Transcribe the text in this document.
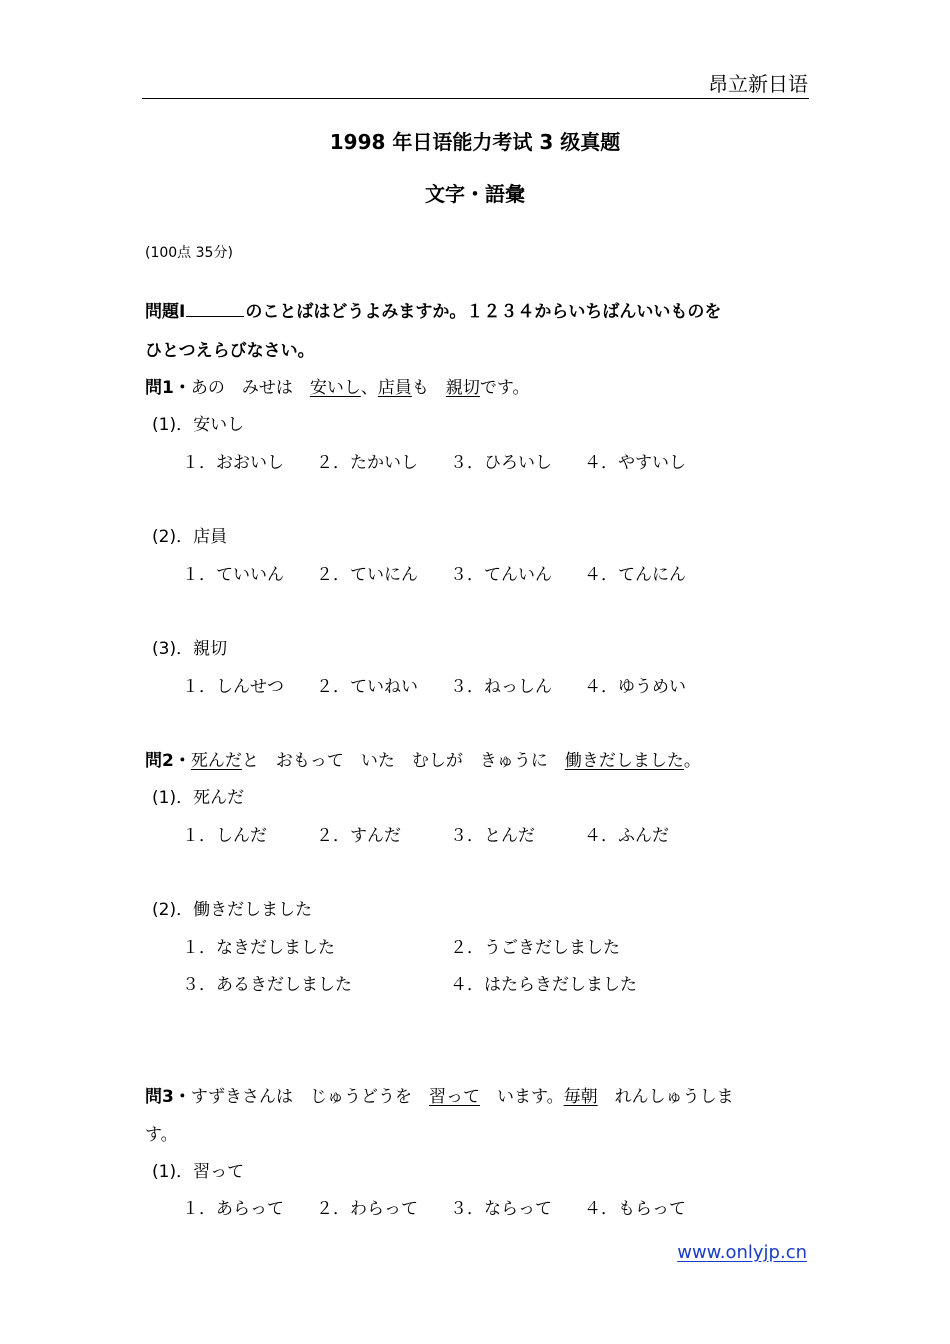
昂立新日语
1998 年日语能力考试 3 级真题
文字・語彙
(100点 35分)
問題Ⅰ	のことばはどうよみますか。１２３４からいちばんいいものを
ひとつえらびなさい。
問1・あの　みせは　安いし、店員も　親切です。
(1)．安いし
１．おおいし ２．たかいし ３．ひろいし ４．やすいし
(2)．店員
１．ていいん ２．ていにん ３．てんいん ４．てんにん
(3)．親切
１．しんせつ ２．ていねい ３．ねっしん ４．ゆうめい
問2・死んだと　おもって　いた　むしが　きゅうに　働きだしました。
(1)．死んだ
１．しんだ	２．すんだ	３．とんだ	４．ふんだ
(2)．働きだしました
１．なきだしました	２．うごきだしました
３．あるきだしました	４．はたらきだしました
問3・すずきさんは　じゅうどうを　習って　います。毎朝　れんしゅうしま
す。
(1)．習って
１．あらって ２．わらって ３．ならって ４．もらって
www.onlyjp.cn
